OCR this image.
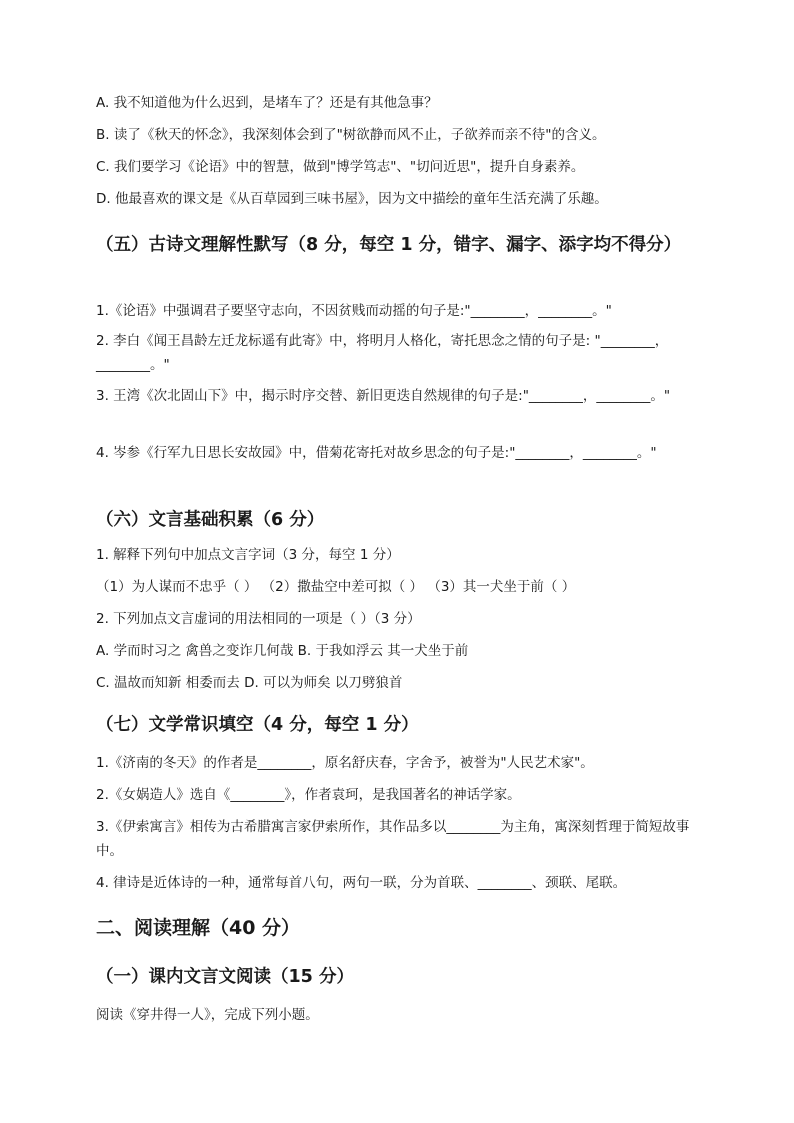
A. 我不知道他为什么迟到，是堵车了？还是有其他急事？
B. 读了《秋天的怀念》，我深刻体会到了"树欲静而风不止，子欲养而亲不待"的含义。
C. 我们要学习《论语》中的智慧，做到"博学笃志"、"切问近思"，提升自身素养。
D. 他最喜欢的课文是《从百草园到三味书屋》，因为文中描绘的童年生活充满了乐趣。
（五）古诗文理解性默写（8 分，每空 1 分，错字、漏字、添字均不得分）
1.《论语》中强调君子要坚守志向，不因贫贱而动摇的句子是:"________，________。"
2. 李白《闻王昌龄左迁龙标遥有此寄》中，将明月人格化，寄托思念之情的句子是: "________，________。"
3. 王湾《次北固山下》中，揭示时序交替、新旧更迭自然规律的句子是:"________，________。"
4. 岑参《行军九日思长安故园》中，借菊花寄托对故乡思念的句子是:"________，________。"
（六）文言基础积累（6 分）
1. 解释下列句中加点文言字词（3 分，每空 1 分）
（1）为人谋而不忠乎（ ） （2）撒盐空中差可拟（ ） （3）其一犬坐于前（ ）
2. 下列加点文言虚词的用法相同的一项是（ ）（3 分）
A. 学而时习之 禽兽之变诈几何哉 B. 于我如浮云 其一犬坐于前
C. 温故而知新 相委而去 D. 可以为师矣 以刀劈狼首
（七）文学常识填空（4 分，每空 1 分）
1.《济南的冬天》的作者是________，原名舒庆春，字舍予，被誉为"人民艺术家"。
2.《女娲造人》选自《________》，作者袁珂，是我国著名的神话学家。
3.《伊索寓言》相传为古希腊寓言家伊索所作，其作品多以________为主角，寓深刻哲理于简短故事中。
4. 律诗是近体诗的一种，通常每首八句，两句一联，分为首联、________、颈联、尾联。
二、阅读理解（40 分）
（一）课内文言文阅读（15 分）
阅读《穿井得一人》，完成下列小题。
